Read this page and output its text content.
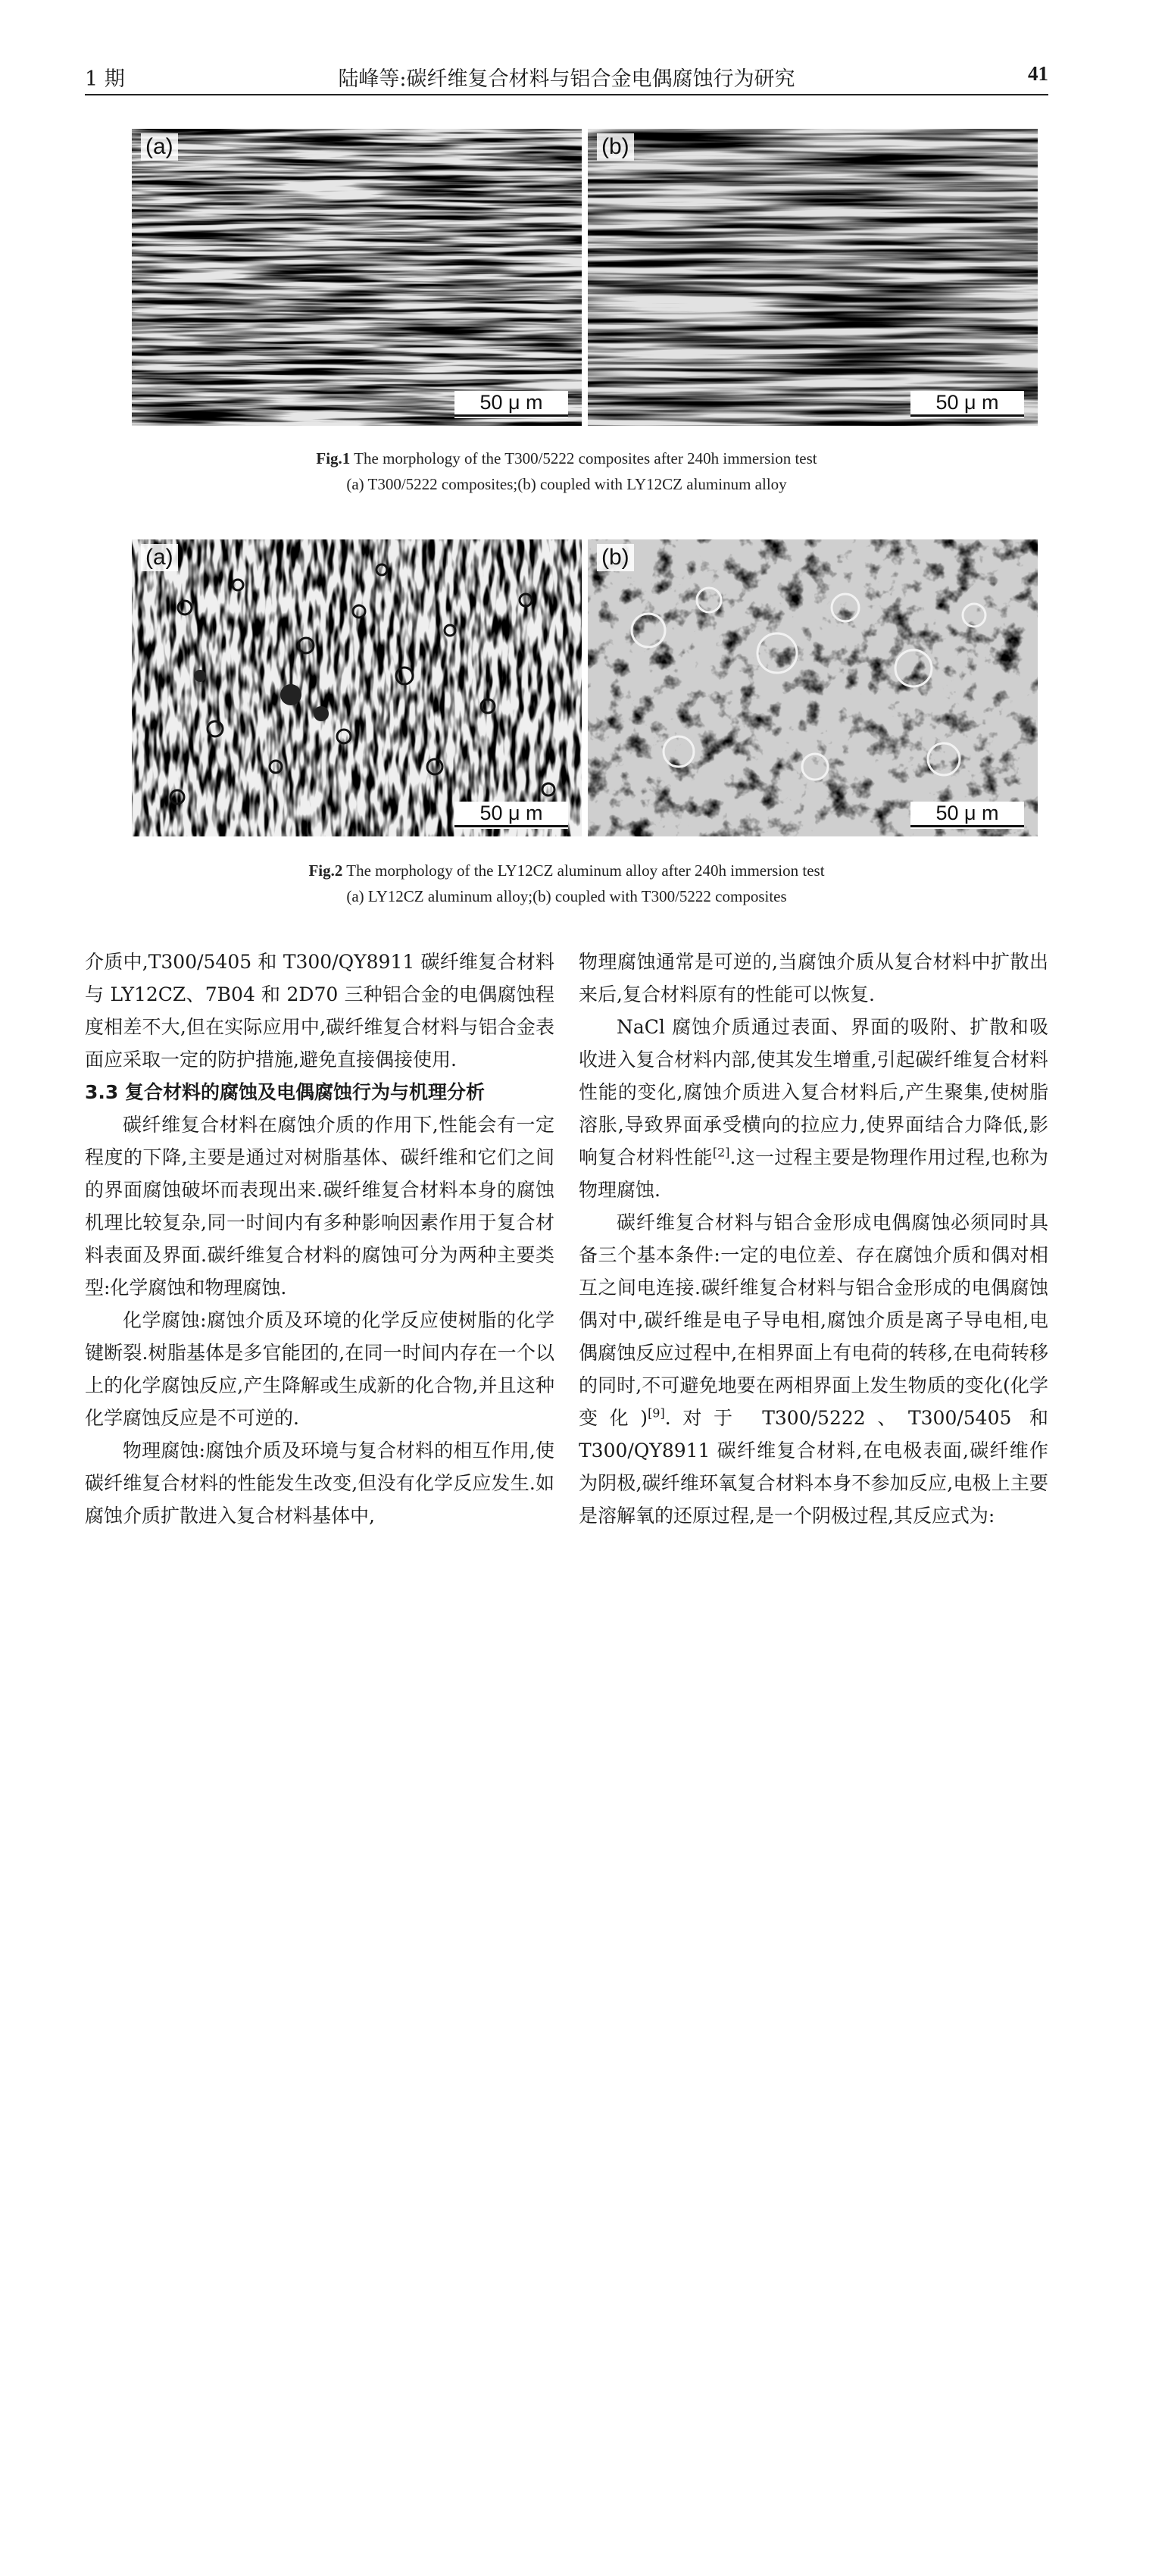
1 期	陆峰等:碳纤维复合材料与铝合金电偶腐蚀行为研究	41
(a)
50 μ m
(b)
50 μ m
Fig.1 The morphology of the T300/5222 composites after 240h immersion test
(a) T300/5222 composites;(b) coupled with LY12CZ aluminum alloy
(a)
50 μ m
(b)
50 μ m
Fig.2 The morphology of the LY12CZ aluminum alloy after 240h immersion test
(a) LY12CZ aluminum alloy;(b) coupled with T300/5222 composites

介质中,T300/5405 和 T300/QY8911 碳纤维复合材料与 LY12CZ、7B04 和 2D70 三种铝合金的电偶腐蚀程度相差不大,但在实际应用中,碳纤维复合材料与铝合金表面应采取一定的防护措施,避免直接偶接使用.

3.3 复合材料的腐蚀及电偶腐蚀行为与机理分析

碳纤维复合材料在腐蚀介质的作用下,性能会有一定程度的下降,主要是通过对树脂基体、碳纤维和它们之间的界面腐蚀破坏而表现出来.碳纤维复合材料本身的腐蚀机理比较复杂,同一时间内有多种影响因素作用于复合材料表面及界面.碳纤维复合材料的腐蚀可分为两种主要类型:化学腐蚀和物理腐蚀.

化学腐蚀:腐蚀介质及环境的化学反应使树脂的化学键断裂.树脂基体是多官能团的,在同一时间内存在一个以上的化学腐蚀反应,产生降解或生成新的化合物,并且这种化学腐蚀反应是不可逆的.

物理腐蚀:腐蚀介质及环境与复合材料的相互作用,使碳纤维复合材料的性能发生改变,但没有化学反应发生.如腐蚀介质扩散进入复合材料基体中,

物理腐蚀通常是可逆的,当腐蚀介质从复合材料中扩散出来后,复合材料原有的性能可以恢复.

NaCl 腐蚀介质通过表面、界面的吸附、扩散和吸收进入复合材料内部,使其发生增重,引起碳纤维复合材料性能的变化,腐蚀介质进入复合材料后,产生聚集,使树脂溶胀,导致界面承受横向的拉应力,使界面结合力降低,影响复合材料性能[2].这一过程主要是物理作用过程,也称为物理腐蚀.

碳纤维复合材料与铝合金形成电偶腐蚀必须同时具备三个基本条件:一定的电位差、存在腐蚀介质和偶对相互之间电连接.碳纤维复合材料与铝合金形成的电偶腐蚀偶对中,碳纤维是电子导电相,腐蚀介质是离子导电相,电偶腐蚀反应过程中,在相界面上有电荷的转移,在电荷转移的同时,不可避免地要在两相界面上发生物质的变化(化学变化)[9].对于 T300/5222、T300/5405 和 T300/QY8911 碳纤维复合材料,在电极表面,碳纤维作为阴极,碳纤维环氧复合材料本身不参加反应,电极上主要是溶解氧的还原过程,是一个阴极过程,其反应式为:
